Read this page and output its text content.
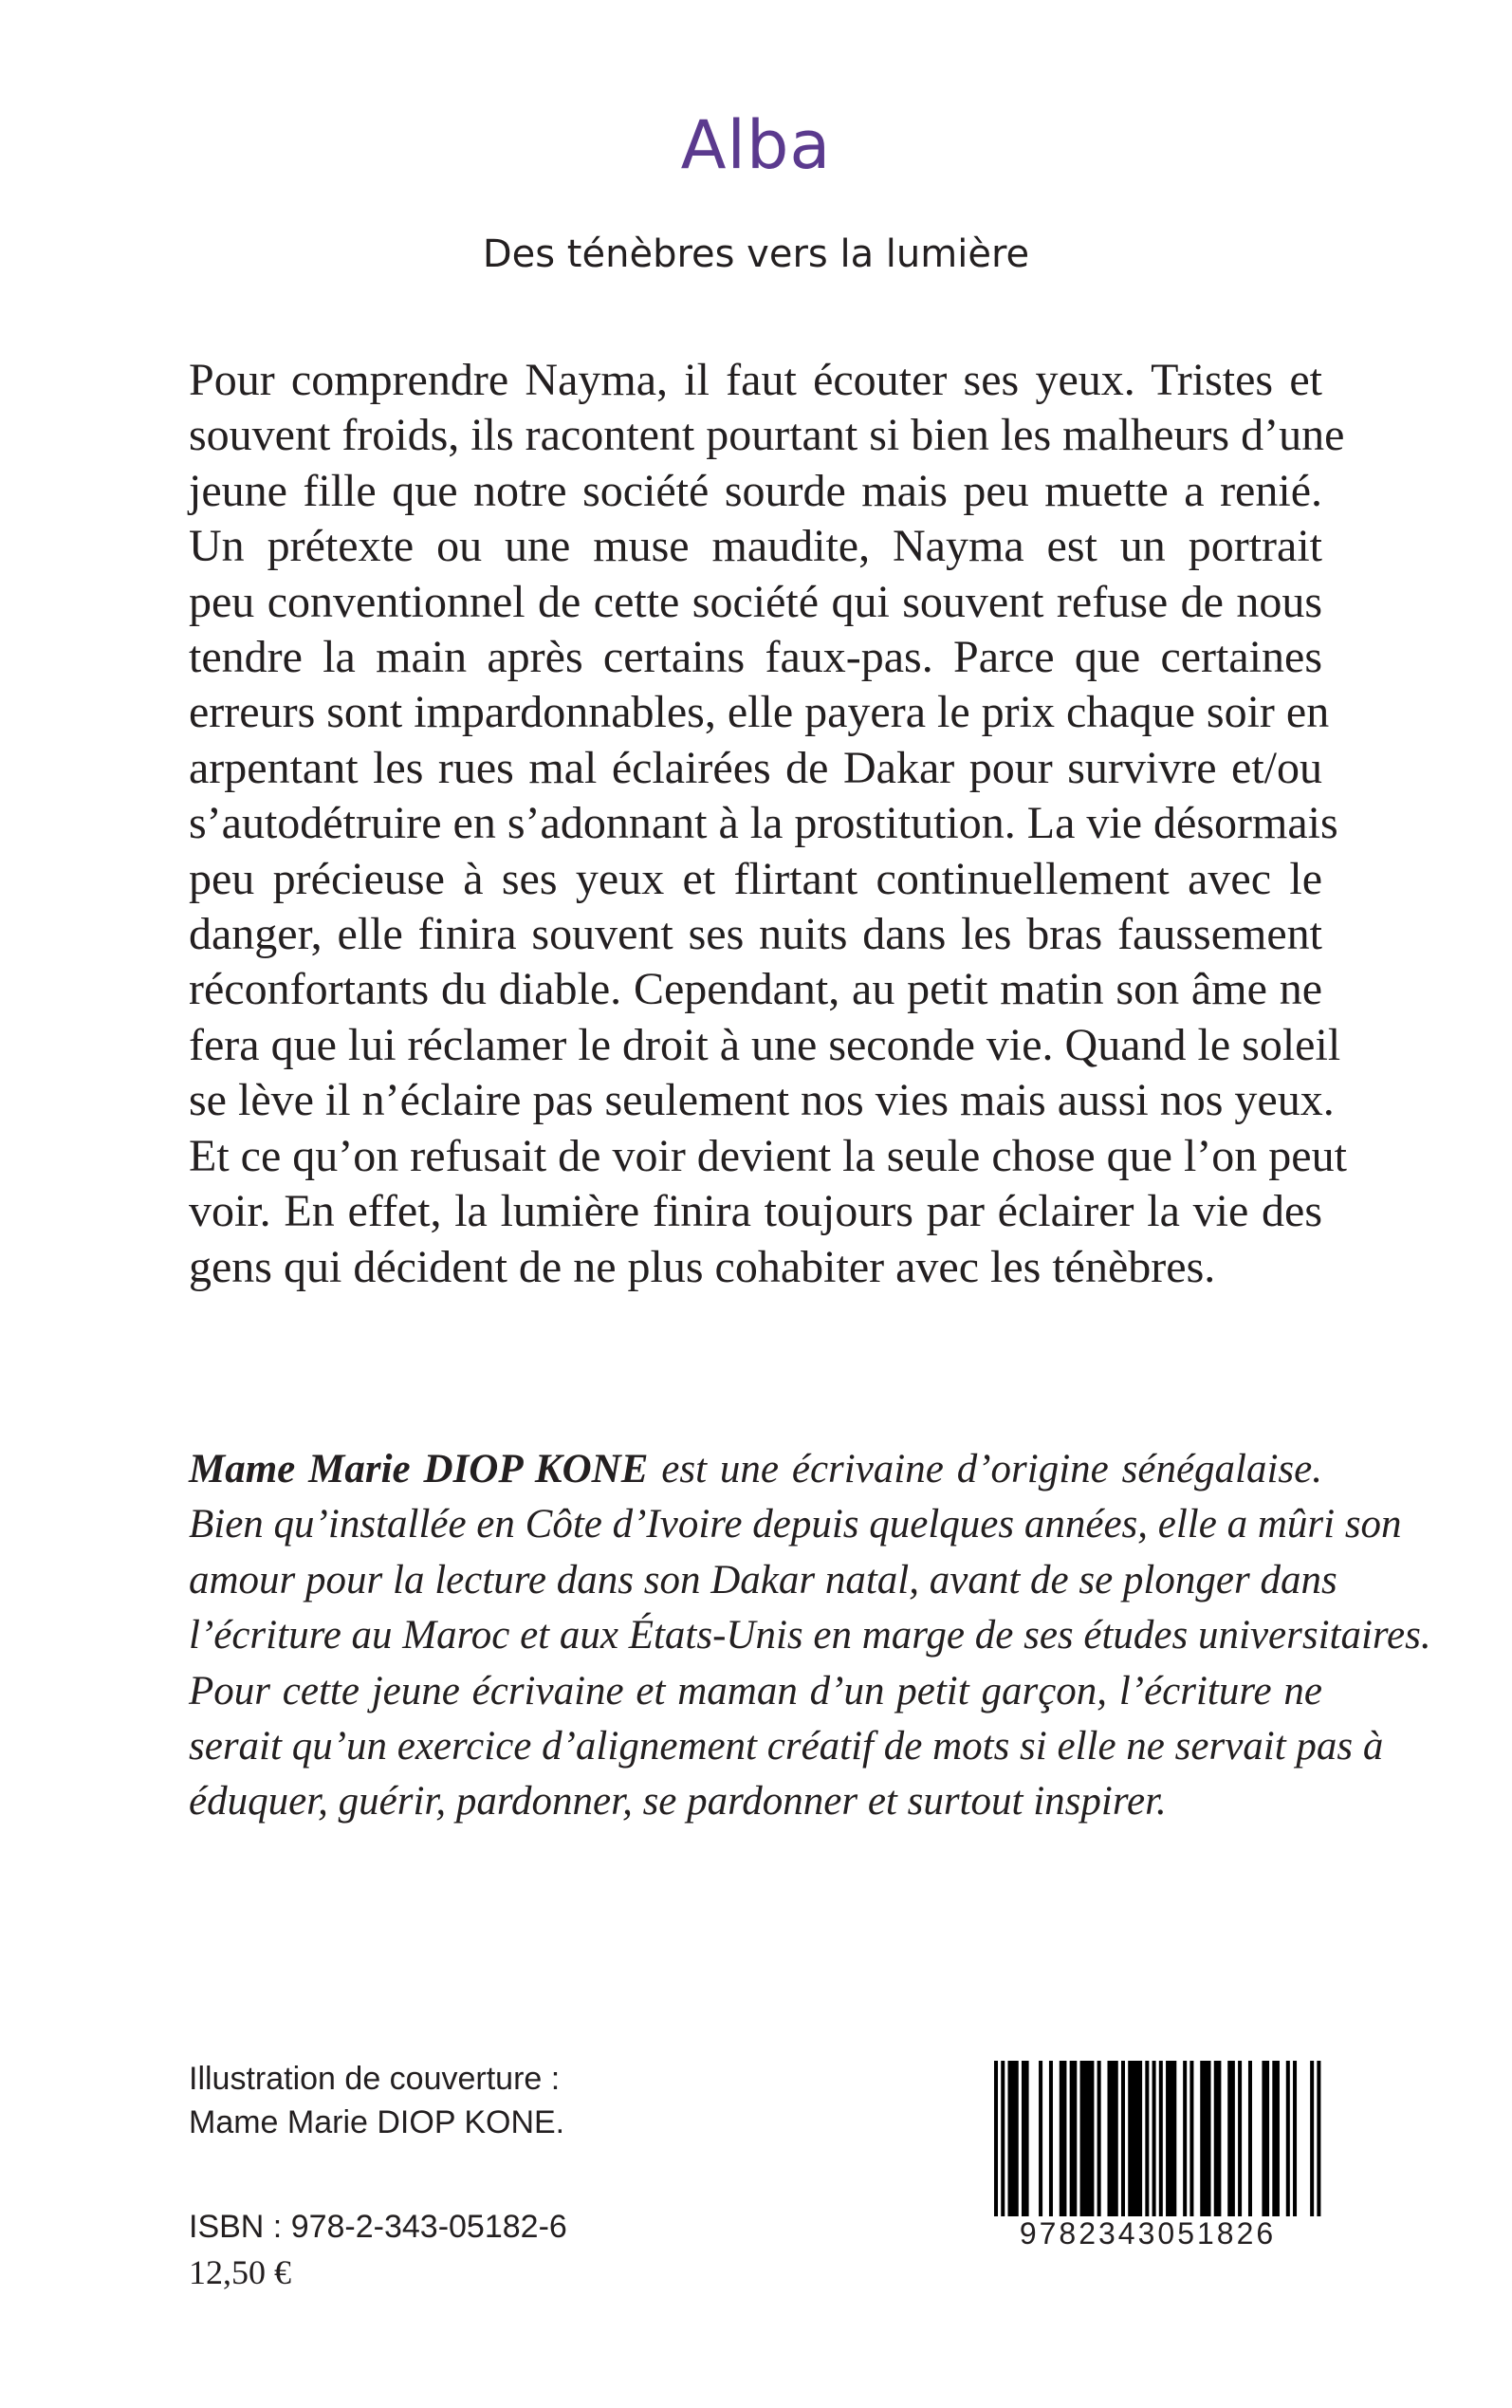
Alba
Des ténèbres vers la lumière
Pour comprendre Nayma, il faut écouter ses yeux. Tristes et
souvent froids, ils racontent pourtant si bien les malheurs d’une
jeune fille que notre société sourde mais peu muette a renié.
Un prétexte ou une muse maudite, Nayma est un portrait
peu conventionnel de cette société qui souvent refuse de nous
tendre la main après certains faux-pas. Parce que certaines
erreurs sont impardonnables, elle payera le prix chaque soir en
arpentant les rues mal éclairées de Dakar pour survivre et/ou
s’autodétruire en s’adonnant à la prostitution. La vie désormais
peu précieuse à ses yeux et flirtant continuellement avec le
danger, elle finira souvent ses nuits dans les bras faussement
réconfortants du diable. Cependant, au petit matin son âme ne
fera que lui réclamer le droit à une seconde vie. Quand le soleil
se lève il n’éclaire pas seulement nos vies mais aussi nos yeux.
Et ce qu’on refusait de voir devient la seule chose que l’on peut
voir. En effet, la lumière finira toujours par éclairer la vie des
gens qui décident de ne plus cohabiter avec les ténèbres.
Mame Marie DIOP KONE est une écrivaine d’origine sénégalaise.
Bien qu’installée en Côte d’Ivoire depuis quelques années, elle a mûri son
amour pour la lecture dans son Dakar natal, avant de se plonger dans
l’écriture au Maroc et aux États-Unis en marge de ses études universitaires.
Pour cette jeune écrivaine et maman d’un petit garçon, l’écriture ne
serait qu’un exercice d’alignement créatif de mots si elle ne servait pas à
éduquer, guérir, pardonner, se pardonner et surtout inspirer.
Illustration de couverture :
Mame Marie DIOP KONE.
ISBN : 978-2-343-05182-6
12,50 €
9782343051826
